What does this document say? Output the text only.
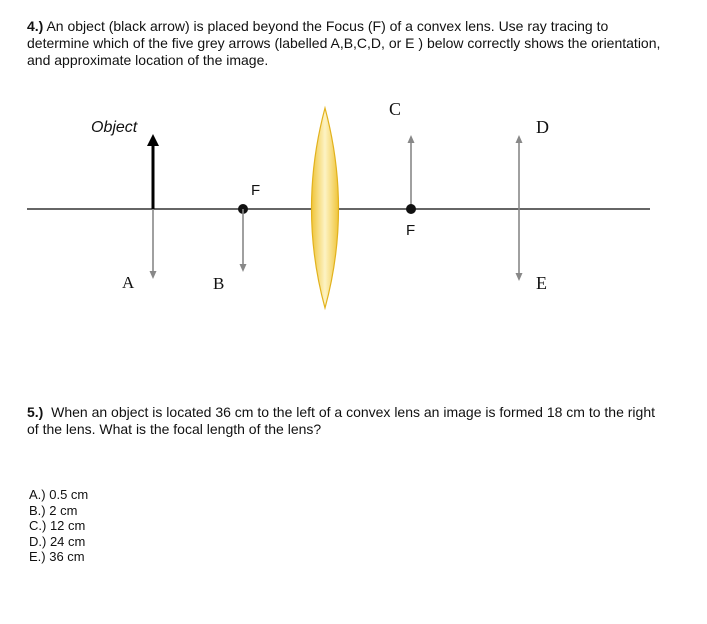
4.) An object (black arrow) is placed beyond the Focus (F) of a convex lens. Use ray tracing to determine which of the five grey arrows (labelled A,B,C,D, or E ) below correctly shows the orientation, and approximate location of the image.
Object
A
F
B
C
F
D
E
5.) When an object is located 36 cm to the left of a convex lens an image is formed 18 cm to the right of the lens. What is the focal length of the lens?
A.) 0.5 cm
B.) 2 cm
C.) 12 cm
D.) 24 cm
E.) 36 cm
